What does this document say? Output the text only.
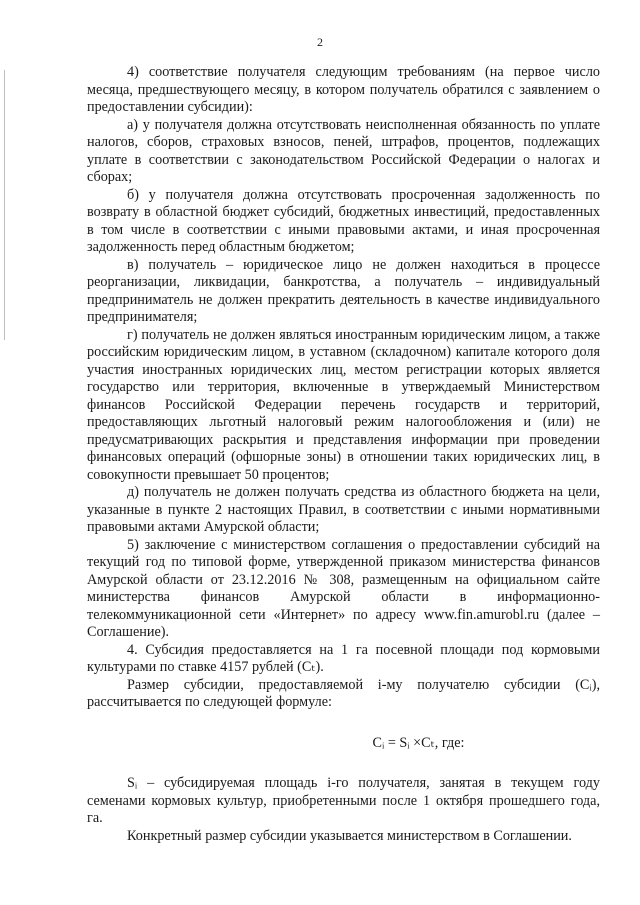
2

4) соответствие получателя следующим требованиям (на первое число месяца, предшествующего месяцу, в котором получатель обратился с заявлением о предоставлении субсидии):

а) у получателя должна отсутствовать неисполненная обязанность по уплате налогов, сборов, страховых взносов, пеней, штрафов, процентов, подлежащих уплате в соответствии с законодательством Российской Федерации о налогах и сборах;

б) у получателя должна отсутствовать просроченная задолженность по возврату в областной бюджет субсидий, бюджетных инвестиций, предоставленных в том числе в соответствии с иными правовыми актами, и иная просроченная задолженность перед областным бюджетом;

в) получатель – юридическое лицо не должен находиться в процессе реорганизации, ликвидации, банкротства, а получатель – индивидуальный предприниматель не должен прекратить деятельность в качестве индивидуального предпринимателя;

г) получатель не должен являться иностранным юридическим лицом, а также российским юридическим лицом, в уставном (складочном) капитале которого доля участия иностранных юридических лиц, местом регистрации которых является государство или территория, включенные в утверждаемый Министерством финансов Российской Федерации перечень государств и территорий, предоставляющих льготный налоговый режим налогообложения и (или) не предусматривающих раскрытия и представления информации при проведении финансовых операций (офшорные зоны) в отношении таких юридических лиц, в совокупности превышает 50 процентов;

д) получатель не должен получать средства из областного бюджета на цели, указанные в пункте 2 настоящих Правил, в соответствии с иными нормативными правовыми актами Амурской области;

5) заключение с министерством соглашения о предоставлении субсидий на текущий год по типовой форме, утвержденной приказом министерства финансов Амурской области от 23.12.2016 № 308, размещенным на официальном сайте министерства финансов Амурской области в информационно-телекоммуникационной сети «Интернет» по адресу www.fin.amurobl.ru (далее – Соглашение).

4. Субсидия предоставляется на 1 га посевной площади под кормовыми культурами по ставке 4157 рублей (Cₜ).

Размер субсидии, предоставляемой i-му получателю субсидии (Cᵢ), рассчитывается по следующей формуле:

Cᵢ = Sᵢ ×Cₜ, где:

Sᵢ – субсидируемая площадь i-го получателя, занятая в текущем году семенами кормовых культур, приобретенными после 1 октября прошедшего года, га.

Конкретный размер субсидии указывается министерством в Соглашении.
